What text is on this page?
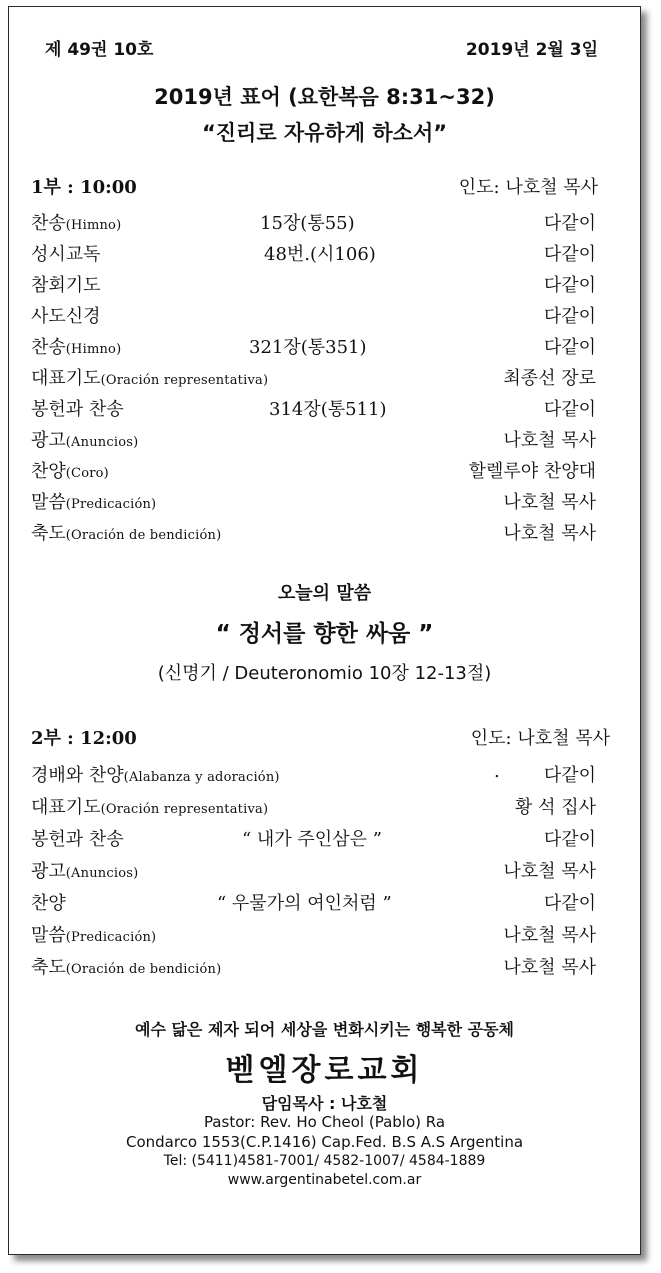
제 49권 10호	2019년 2월 3일
2019년 표어 (요한복음 8:31~32)
“진리로 자유하게 하소서”
1부 : 10:00	인도: 나호철 목사
찬송(Himno)	15장(통55)	다같이
성시교독	48번.(시106)	다같이
참회기도	다같이
사도신경	다같이
찬송(Himno)	321장(통351)	다같이
대표기도(Oración representativa)	최종선 장로
봉헌과 찬송	314장(통511)	다같이
광고(Anuncios)	나호철 목사
찬양(Coro)	할렐루야 찬양대
말씀(Predicación)	나호철 목사
축도(Oración de bendición)	나호철 목사
오늘의 말씀
“ 정서를 향한 싸움 ”
(신명기 / Deuteronomio 10장 12-13절)
2부 : 12:00	인도: 나호철 목사
경배와 찬양(Alabanza y adoración)	. 다같이
대표기도(Oración representativa)	황 석 집사
봉헌과 찬송	“ 내가 주인삼은 ”	다같이
광고(Anuncios)	나호철 목사
찬양	“ 우물가의 여인처럼 ”	다같이
말씀(Predicación)	나호철 목사
축도(Oración de bendición)	나호철 목사
예수 닮은 제자 되어 세상을 변화시키는 행복한 공동체
벧엘장로교회
담임목사 : 나호철
Pastor: Rev. Ho Cheol (Pablo) Ra
Condarco 1553(C.P.1416) Cap.Fed. B.S A.S Argentina
Tel: (5411)4581-7001/ 4582-1007/ 4584-1889
www.argentinabetel.com.ar
